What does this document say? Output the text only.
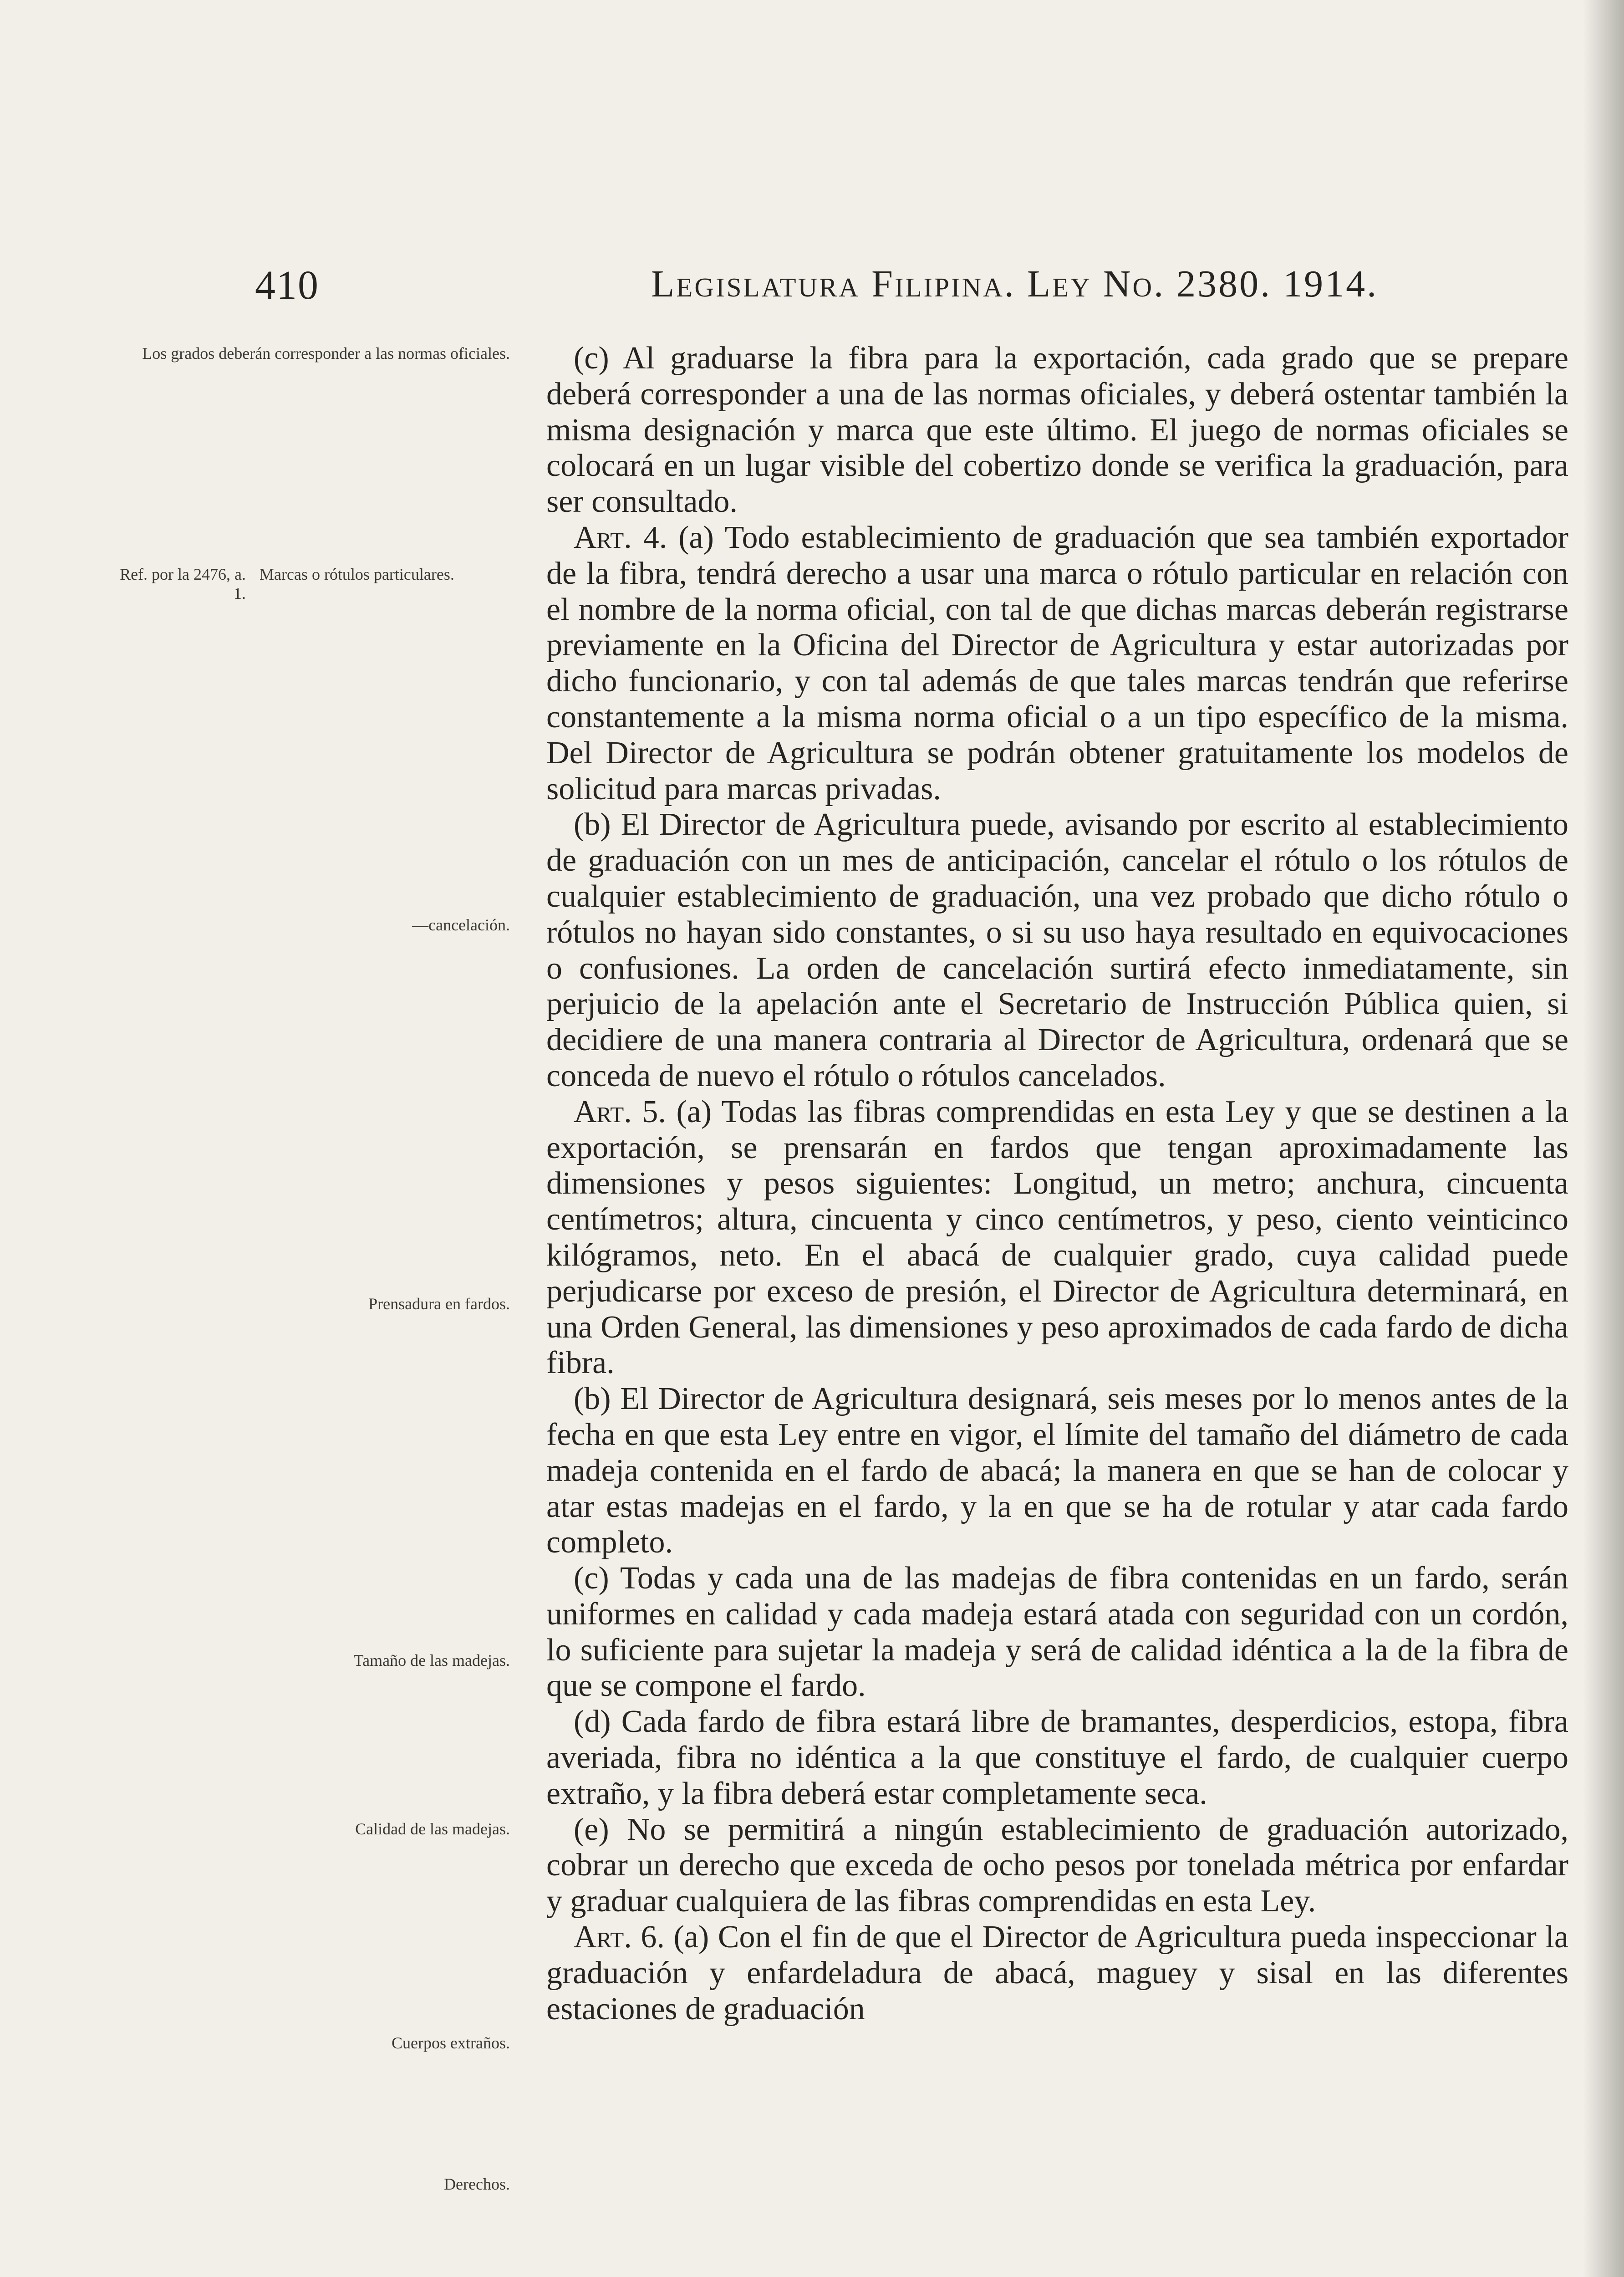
410	Legislatura Filipina. Ley No. 2380. 1914.
Los grados deberán corresponder a las normas oficiales.
Ref. por la 2476, a. 1.
Marcas o rótulos particulares.
—cancelación.
Prensadura en fardos.
Tamaño de las madejas.
Calidad de las madejas.
Cuerpos extraños.
Derechos.

(c) Al graduarse la fibra para la exportación, cada grado que se prepare deberá corresponder a una de las normas oficiales, y deberá ostentar también la misma designación y marca que este último. El juego de normas oficiales se colocará en un lugar visible del cobertizo donde se verifica la graduación, para ser consultado.

Art. 4. (a) Todo establecimiento de graduación que sea también exportador de la fibra, tendrá derecho a usar una marca o rótulo particular en relación con el nombre de la norma oficial, con tal de que dichas marcas deberán registrarse previamente en la Oficina del Director de Agricultura y estar autorizadas por dicho funcionario, y con tal además de que tales marcas tendrán que referirse constantemente a la misma norma oficial o a un tipo específico de la misma. Del Director de Agricultura se podrán obtener gratuitamente los modelos de solicitud para marcas privadas.

(b) El Director de Agricultura puede, avisando por escrito al establecimiento de graduación con un mes de anticipación, cancelar el rótulo o los rótulos de cualquier establecimiento de graduación, una vez probado que dicho rótulo o rótulos no hayan sido constantes, o si su uso haya resultado en equivocaciones o confusiones. La orden de cancelación surtirá efecto inmediatamente, sin perjuicio de la apelación ante el Secretario de Instrucción Pública quien, si decidiere de una manera contraria al Director de Agricultura, ordenará que se conceda de nuevo el rótulo o rótulos cancelados.

Art. 5. (a) Todas las fibras comprendidas en esta Ley y que se destinen a la exportación, se prensarán en fardos que tengan aproximadamente las dimensiones y pesos siguientes: Longitud, un metro; anchura, cincuenta centímetros; altura, cincuenta y cinco centímetros, y peso, ciento veinticinco kilógramos, neto. En el abacá de cualquier grado, cuya calidad puede perjudicarse por exceso de presión, el Director de Agricultura determinará, en una Orden General, las dimensiones y peso aproximados de cada fardo de dicha fibra.

(b) El Director de Agricultura designará, seis meses por lo menos antes de la fecha en que esta Ley entre en vigor, el límite del tamaño del diámetro de cada madeja contenida en el fardo de abacá; la manera en que se han de colocar y atar estas madejas en el fardo, y la en que se ha de rotular y atar cada fardo completo.

(c) Todas y cada una de las madejas de fibra contenidas en un fardo, serán uniformes en calidad y cada madeja estará atada con seguridad con un cordón, lo suficiente para sujetar la madeja y será de calidad idéntica a la de la fibra de que se compone el fardo.

(d) Cada fardo de fibra estará libre de bramantes, desperdicios, estopa, fibra averiada, fibra no idéntica a la que constituye el fardo, de cualquier cuerpo extraño, y la fibra deberá estar completamente seca.

(e) No se permitirá a ningún establecimiento de graduación autorizado, cobrar un derecho que exceda de ocho pesos por tonelada métrica por enfardar y graduar cualquiera de las fibras comprendidas en esta Ley.

Art. 6. (a) Con el fin de que el Director de Agricultura pueda inspeccionar la graduación y enfardeladura de abacá, maguey y sisal en las diferentes estaciones de graduación
